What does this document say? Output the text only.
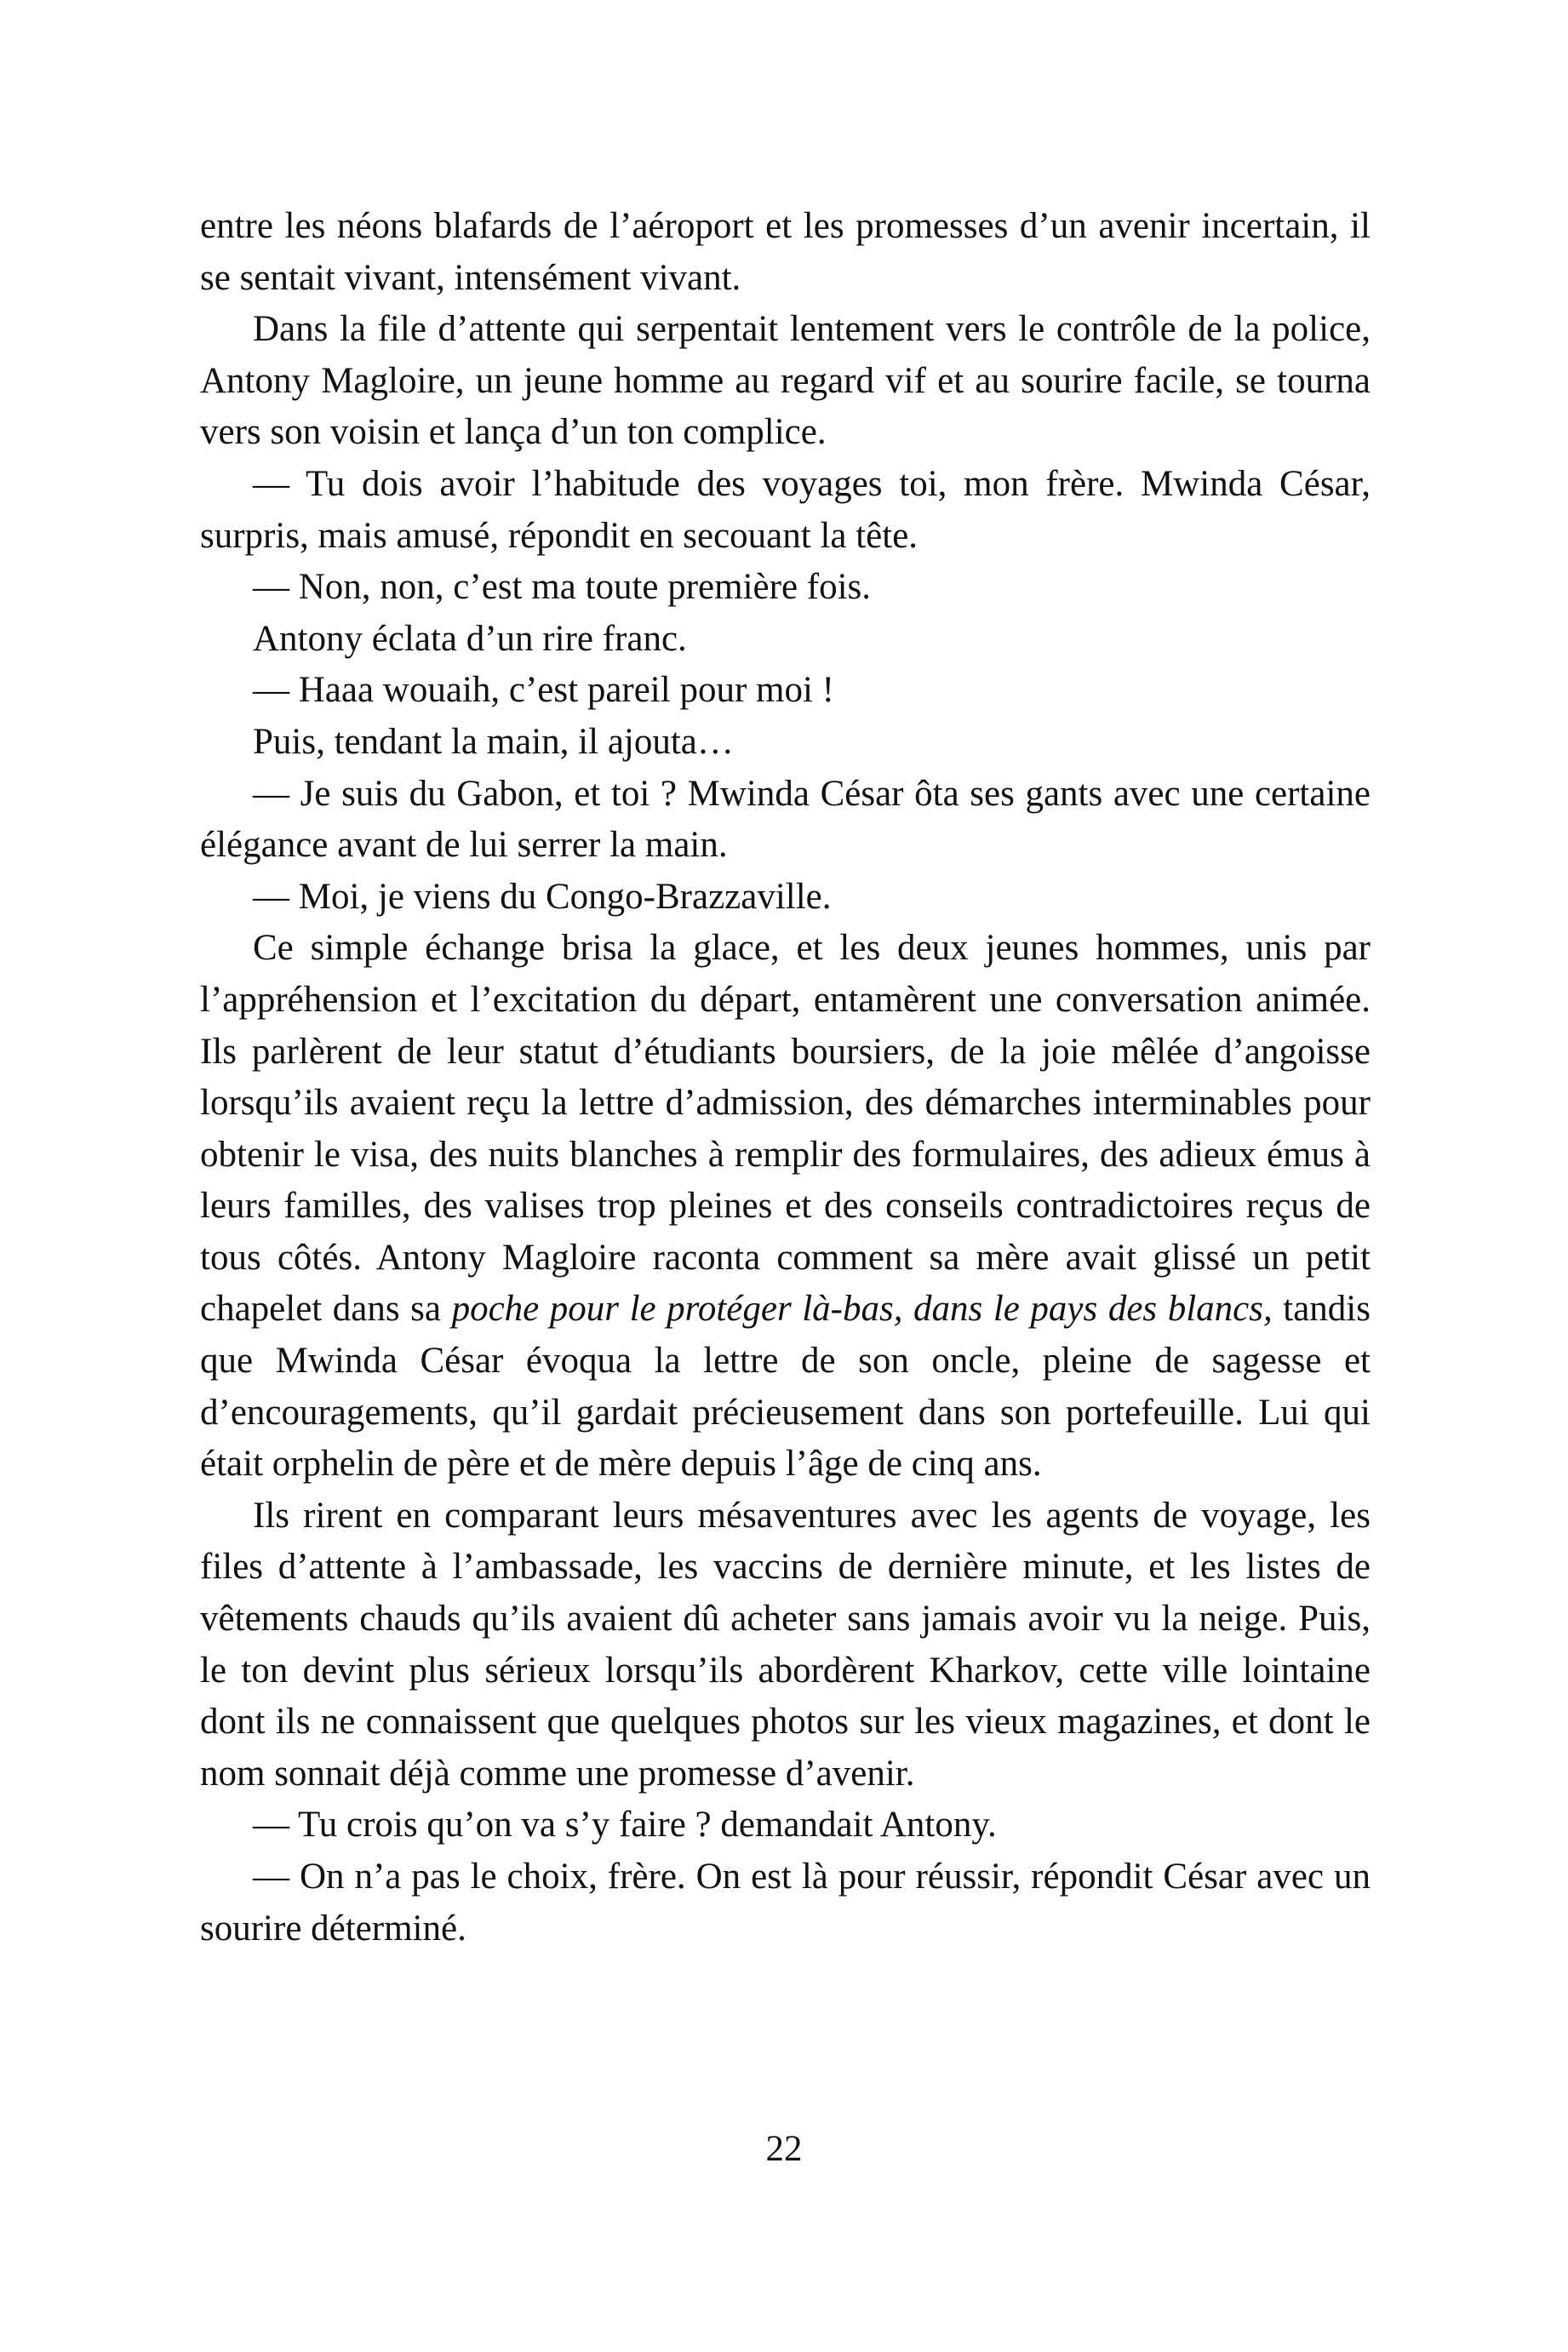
entre les néons blafards de l’aéroport et les promesses d’un avenir incertain, il se sentait vivant, intensément vivant.

Dans la file d’attente qui serpentait lentement vers le contrôle de la police, Antony Magloire, un jeune homme au regard vif et au sourire facile, se tourna vers son voisin et lança d’un ton complice.

— Tu dois avoir l’habitude des voyages toi, mon frère. Mwinda César, surpris, mais amusé, répondit en secouant la tête.

— Non, non, c’est ma toute première fois.

Antony éclata d’un rire franc.

— Haaa wouaih, c’est pareil pour moi !

Puis, tendant la main, il ajouta…

— Je suis du Gabon, et toi ? Mwinda César ôta ses gants avec une certaine élégance avant de lui serrer la main.

— Moi, je viens du Congo-Brazzaville.

Ce simple échange brisa la glace, et les deux jeunes hommes, unis par l’appréhension et l’excitation du départ, entamèrent une conversation animée. Ils parlèrent de leur statut d’étudiants boursiers, de la joie mêlée d’angoisse lorsqu’ils avaient reçu la lettre d’admission, des démarches interminables pour obtenir le visa, des nuits blanches à remplir des formulaires, des adieux émus à leurs familles, des valises trop pleines et des conseils contradictoires reçus de tous côtés. Antony Magloire raconta comment sa mère avait glissé un petit chapelet dans sa poche pour le protéger là-bas, dans le pays des blancs, tandis que Mwinda César évoqua la lettre de son oncle, pleine de sagesse et d’encouragements, qu’il gardait précieusement dans son portefeuille. Lui qui était orphelin de père et de mère depuis l’âge de cinq ans.

Ils rirent en comparant leurs mésaventures avec les agents de voyage, les files d’attente à l’ambassade, les vaccins de dernière minute, et les listes de vêtements chauds qu’ils avaient dû acheter sans jamais avoir vu la neige. Puis, le ton devint plus sérieux lorsqu’ils abordèrent Kharkov, cette ville lointaine dont ils ne connaissent que quelques photos sur les vieux magazines, et dont le nom sonnait déjà comme une promesse d’avenir.

— Tu crois qu’on va s’y faire ? demandait Antony.

— On n’a pas le choix, frère. On est là pour réussir, répondit César avec un sourire déterminé.

22
